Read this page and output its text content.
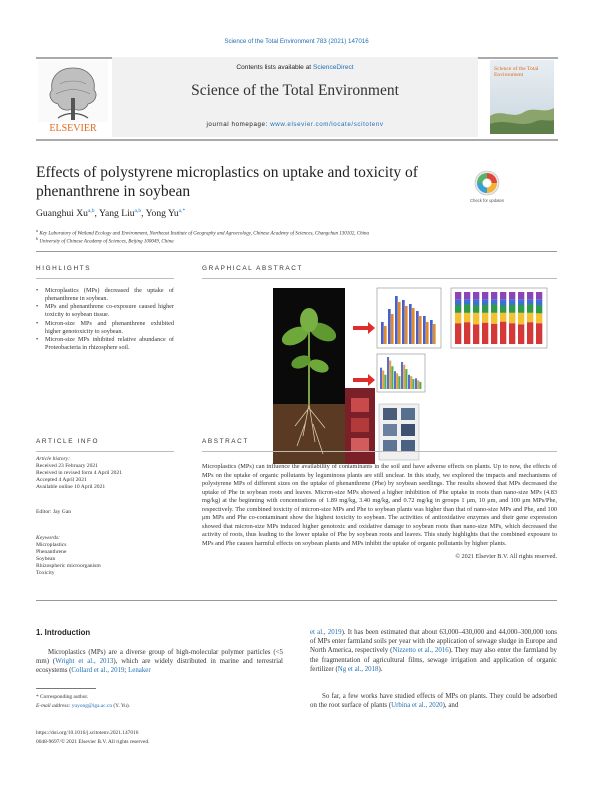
Science of the Total Environment 783 (2021) 147016
ELSEVIER
Contents lists available at ScienceDirect
Science of the Total Environment
journal homepage: www.elsevier.com/locate/scitotenv
Science of the Total Environment
Effects of polystyrene microplastics on uptake and toxicity of phenanthrene in soybean
Check for updates
Guanghui Xu$^{a,b}$, Yang Liu$^{a,b}$, Yong $Yu^{a,*}$
$^a$ Key Laboratory of Wetland Ecology and Environment, Northeast Institute of Geography and Agroecology, Chinese Academy of Sciences, Changchun 130102, China
$^b$ University of Chinese Academy of Sciences, Beijing 100049, China
HIGHLIGHTS
• Microplastics (MPs) decreased the uptake of phenanthrene in soybean.
• MPs and phenanthrene co-exposure caused higher toxicity to soybean tissue.
• Micron-size MPs and phenanthrene exhibited higher genotoxicity to soybean.
• Micron-size MPs inhibited relative abundance of Proteobacteria in rhizosphere soil.
GRAPHICAL ABSTRACT
ARTICLE INFO
Article history:
Received 23 February 2021
Received in revised form 4 April 2021
Accepted 4 April 2021
Available online 10 April 2021
Editor: Jay Gan
Keywords:
Microplastics
Phenanthrene
Soybean
Rhizospheric microorganism
Toxicity
ABSTRACT
Microplastics (MPs) can influence the availability of contaminants in the soil and have adverse effects on plants. Up to now, the effects of MPs on the uptake of organic pollutants by leguminous plants are still unclear. In this study, we explored the impacts and mechanisms of polystyrene MPs of different sizes on the uptake of phenanthrene (Phe) by soybean seedlings. The results showed that MPs decreased the uptake of Phe in soybean roots and leaves. Micron-size MPs showed a higher inhibition of Phe uptake in roots than nano-size MPs (4.83 mg/kg) at the beginning with concentrations of 1.89 mg/kg, 3.40 mg/kg, and 0.72 mg/kg in groups 1 μm, 10 μm, and 100 μm MPs/Phe, respectively. The combined toxicity of micron-size MPs and Phe to soybean plants was higher than that of nano-size MPs and Phe, and 100 μm MPs and Phe co-contaminant show the highest toxicity to soybean. The activities of antioxidative enzymes and their gene expression showed that micron-size MPs induced higher genotoxic and oxidative damage to soybean roots than nano-size MPs, which decreased the activity of roots, thus leading to the lower uptake of Phe by soybean roots and leaves. This study highlights that the combined exposure to MPs and Phe causes harmful effects on soybean plants and MPs inhibit the uptake of organic pollutants by higher plants.
© 2021 Elsevier B.V. All rights reserved.
1. Introduction
Microplastics (MPs) are a diverse group of high-molecular polymer particles (<5 mm) (Wright et al., 2013), which are widely distributed in marine and terrestrial ecosystems (Collard et al., 2019; Lenaker
et al., 2019). It has been estimated that about 63,000–430,000 and 44,000–300,000 tons of MPs enter farmland soils per year with the application of sewage sludge in Europe and North America, respectively (Nizzetto et al., 2016). They may also enter the farmland by the fragmentation of agricultural films, sewage irrigation and application of organic fertilizer (Ng et al., 2018).
So far, a few works have studied effects of MPs on plants. They could be adsorbed on the root surface of plants (Urbina et al., 2020), and
* Corresponding author.
E-mail address: yuyong@iga.ac.cn (Y. Yu).
https://doi.org/10.1016/j.scitotenv.2021.147016
0048-9697/© 2021 Elsevier B.V. All rights reserved.
